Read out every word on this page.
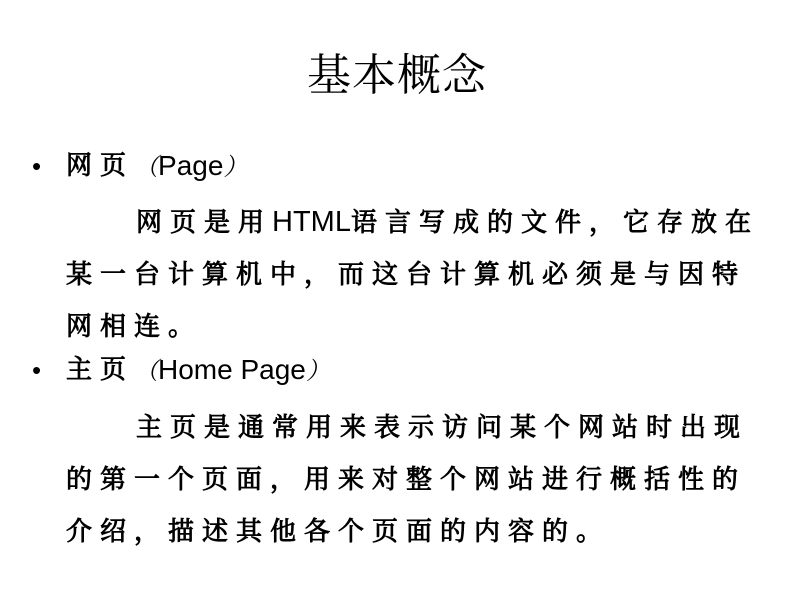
基本概念
• 网页 （Page）
网页是用HTML语言写成的文件，它存放在某一台计算机中，而这台计算机必须是与因特网相连。
• 主页 （Home Page）
主页是通常用来表示访问某个网站时出现的第一个页面，用来对整个网站进行概括性的介绍，描述其他各个页面的内容的。
